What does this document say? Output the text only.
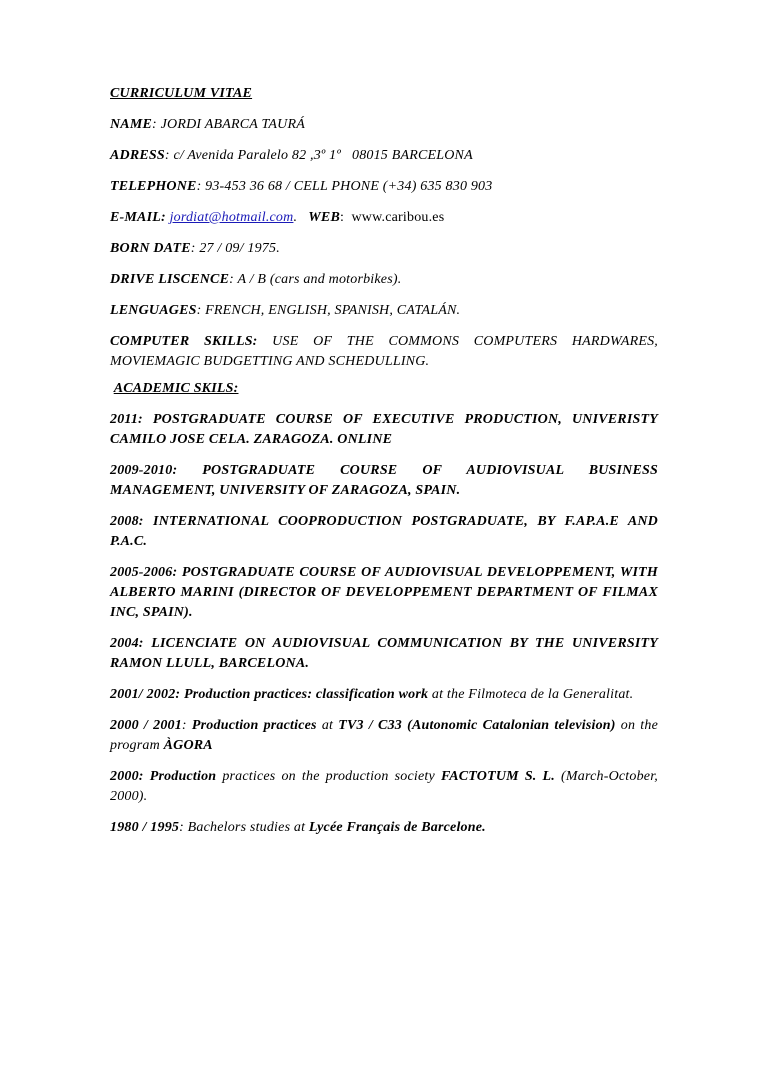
CURRICULUM VITAE

NAME: JORDI ABARCA TAURÁ

ADRESS: c/ Avenida Paralelo 82 ,3º 1º   08015 BARCELONA

TELEPHONE: 93-453 36 68 / CELL PHONE (+34) 635 830 903

E-MAIL: jordiat@hotmail.com.   WEB:  www.caribou.es

BORN DATE: 27 / 09/ 1975.

DRIVE LISCENCE: A / B (cars and motorbikes).

LENGUAGES: FRENCH, ENGLISH, SPANISH, CATALÁN.

COMPUTER SKILLS: USE OF THE COMMONS COMPUTERS HARDWARES, MOVIEMAGIC BUDGETTING AND SCHEDULLING.

ACADEMIC SKILS:

2011: POSTGRADUATE COURSE OF EXECUTIVE PRODUCTION, UNIVERISTY CAMILO JOSE CELA. ZARAGOZA. ONLINE

2009-2010: POSTGRADUATE COURSE OF AUDIOVISUAL BUSINESS MANAGEMENT, UNIVERSITY OF ZARAGOZA, SPAIN.

2008: INTERNATIONAL COOPRODUCTION POSTGRADUATE, BY F.AP.A.E AND P.A.C.

2005-2006: POSTGRADUATE COURSE OF AUDIOVISUAL DEVELOPPEMENT, WITH ALBERTO MARINI (DIRECTOR OF DEVELOPPEMENT DEPARTMENT OF FILMAX INC, SPAIN).

2004: LICENCIATE ON AUDIOVISUAL COMMUNICATION BY THE UNIVERSITY RAMON LLULL, BARCELONA.

2001/ 2002: Production practices: classification work at the Filmoteca de la Generalitat.

2000 / 2001: Production practices at TV3 / C33 (Autonomic Catalonian television) on the program ÀGORA

2000: Production practices on the production society FACTOTUM S. L. (March-October, 2000).

1980 / 1995: Bachelors studies at Lycée Français de Barcelone.
